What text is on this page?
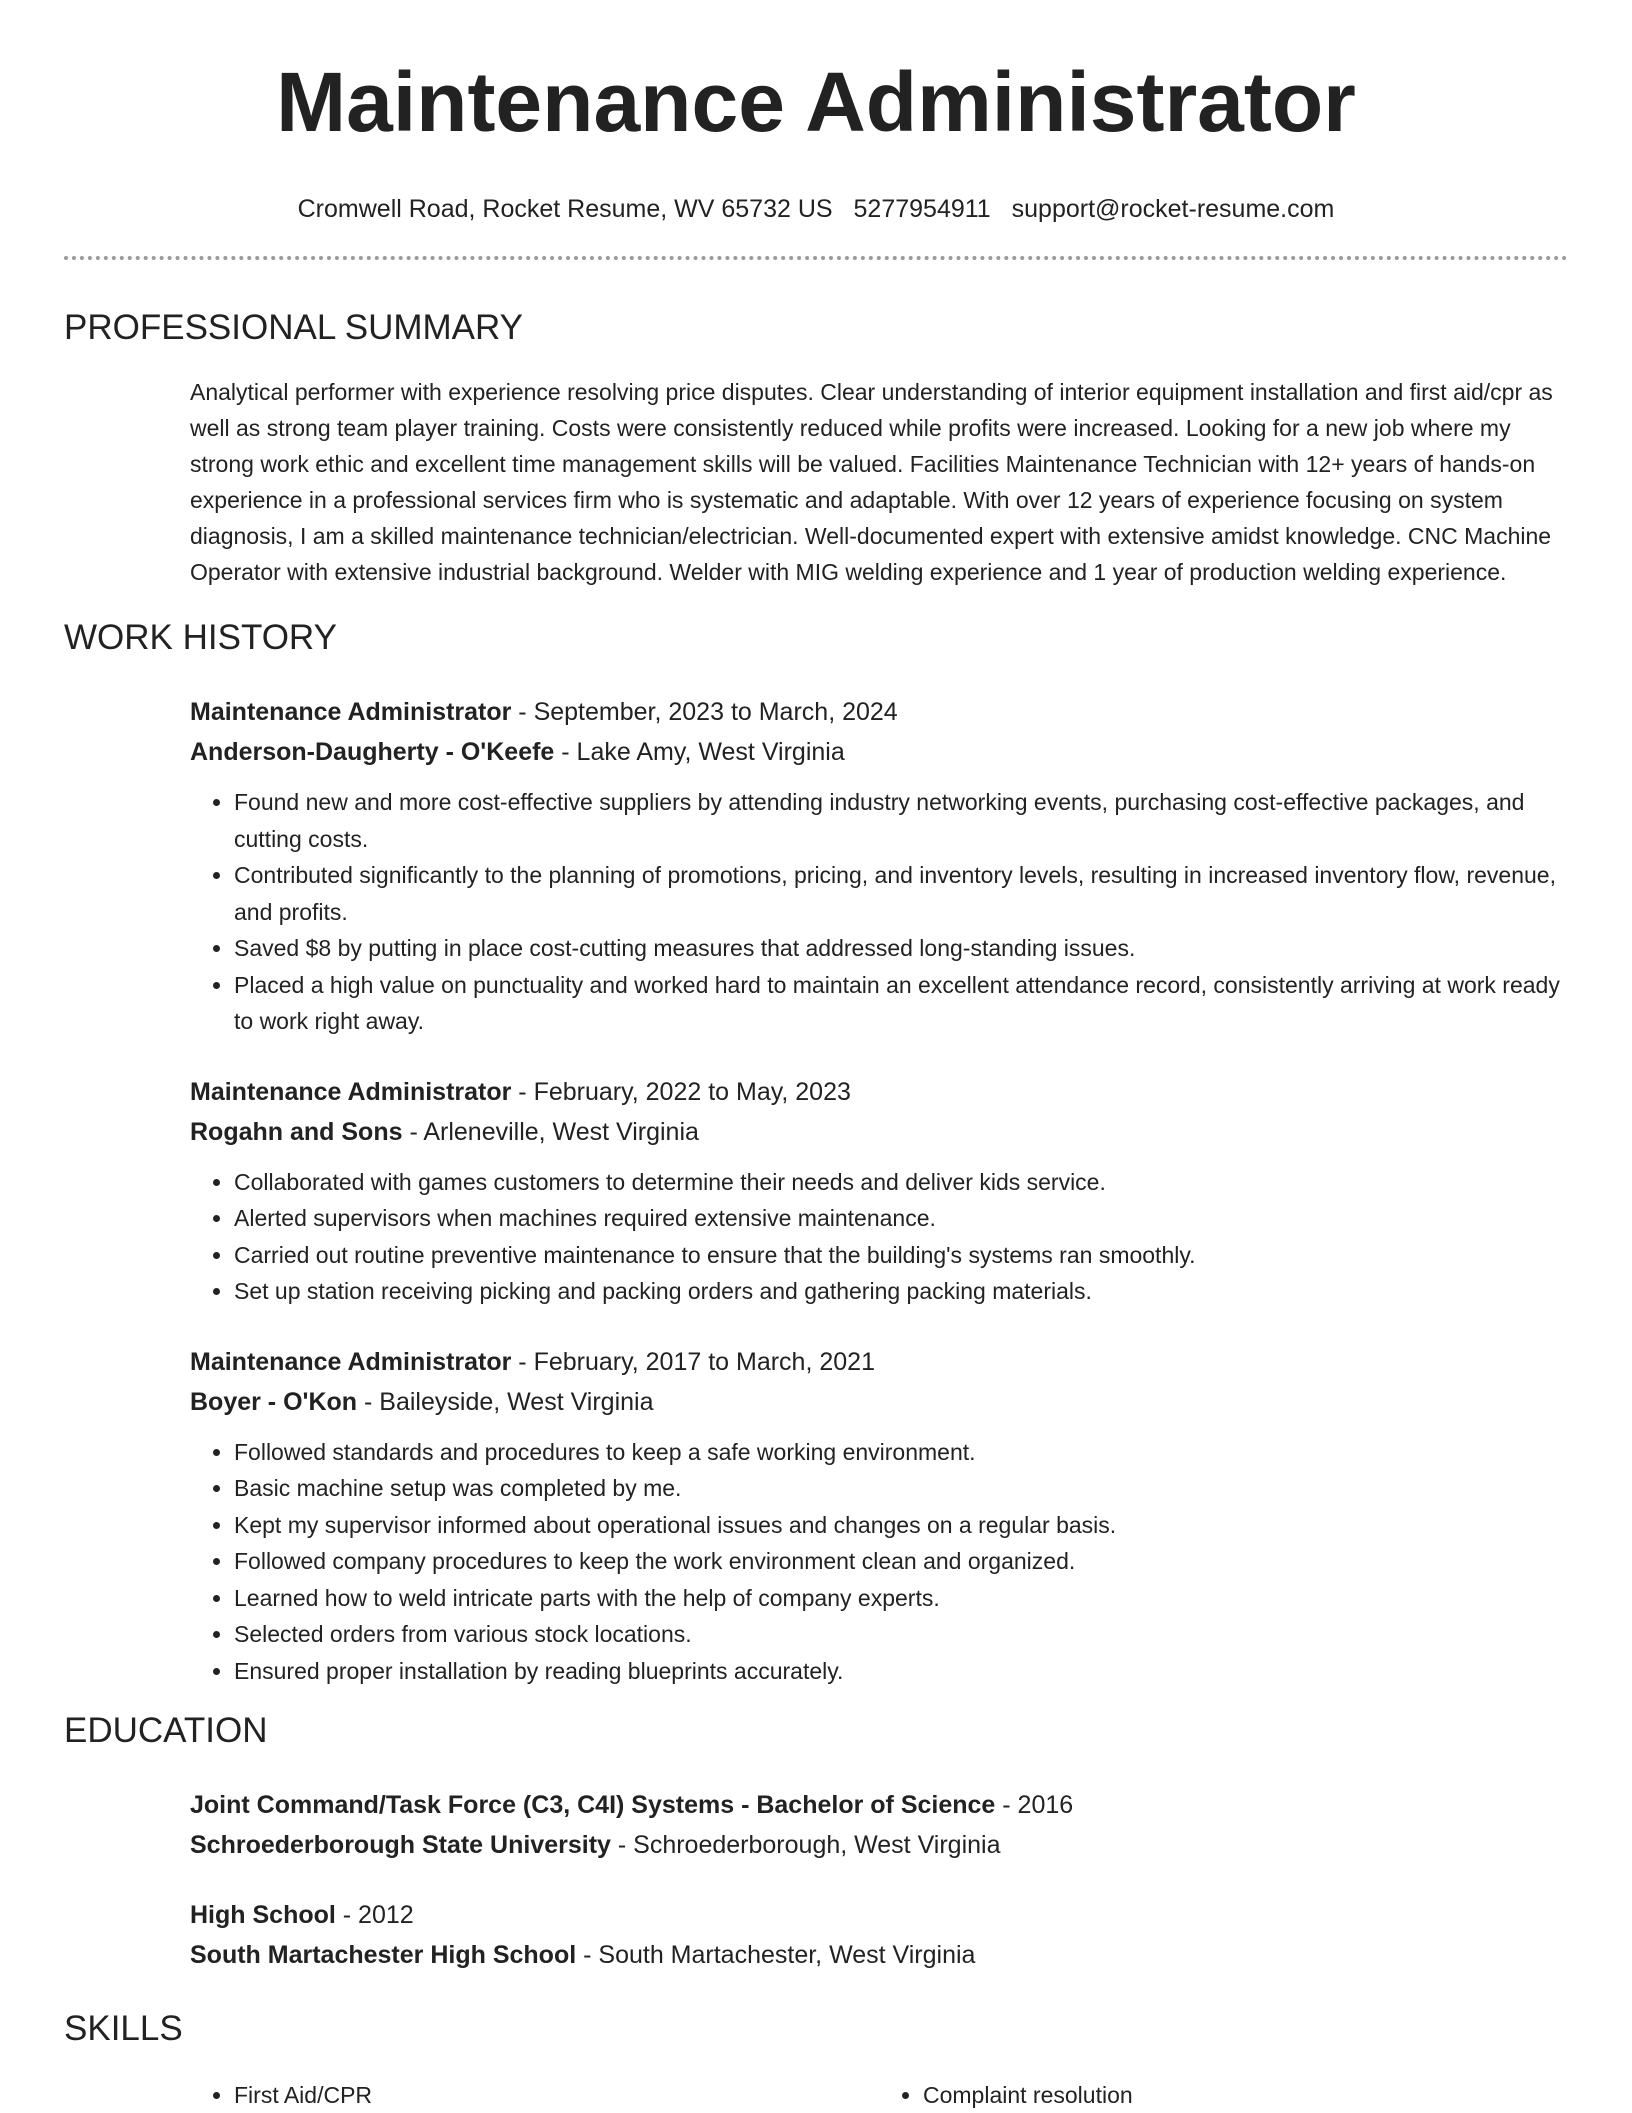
Maintenance Administrator
Cromwell Road, Rocket Resume, WV 65732 US 5277954911 support@rocket-resume.com
PROFESSIONAL SUMMARY

Analytical performer with experience resolving price disputes. Clear understanding of interior equipment installation and first aid/cpr as well as strong team player training. Costs were consistently reduced while profits were increased. Looking for a new job where my strong work ethic and excellent time management skills will be valued. Facilities Maintenance Technician with 12+ years of hands-on experience in a professional services firm who is systematic and adaptable. With over 12 years of experience focusing on system diagnosis, I am a skilled maintenance technician/electrician. Well-documented expert with extensive amidst knowledge. CNC Machine Operator with extensive industrial background. Welder with MIG welding experience and 1 year of production welding experience.

WORK HISTORY
Maintenance Administrator - September, 2023 to March, 2024
Anderson-Daugherty - O'Keefe - Lake Amy, West Virginia
• Found new and more cost-effective suppliers by attending industry networking events, purchasing cost-effective packages, and cutting costs.
• Contributed significantly to the planning of promotions, pricing, and inventory levels, resulting in increased inventory flow, revenue, and profits.
• Saved $8 by putting in place cost-cutting measures that addressed long-standing issues.
• Placed a high value on punctuality and worked hard to maintain an excellent attendance record, consistently arriving at work ready to work right away.
Maintenance Administrator - February, 2022 to May, 2023
Rogahn and Sons - Arleneville, West Virginia
• Collaborated with games customers to determine their needs and deliver kids service.
• Alerted supervisors when machines required extensive maintenance.
• Carried out routine preventive maintenance to ensure that the building's systems ran smoothly.
• Set up station receiving picking and packing orders and gathering packing materials.
Maintenance Administrator - February, 2017 to March, 2021
Boyer - O'Kon - Baileyside, West Virginia
• Followed standards and procedures to keep a safe working environment.
• Basic machine setup was completed by me.
• Kept my supervisor informed about operational issues and changes on a regular basis.
• Followed company procedures to keep the work environment clean and organized.
• Learned how to weld intricate parts with the help of company experts.
• Selected orders from various stock locations.
• Ensured proper installation by reading blueprints accurately.
EDUCATION
Joint Command/Task Force (C3, C4I) Systems - Bachelor of Science - 2016
Schroederborough State University - Schroederborough, West Virginia
High School - 2012
South Martachester High School - South Martachester, West Virginia
SKILLS
• First Aid/CPR
•	Complaint resolution
